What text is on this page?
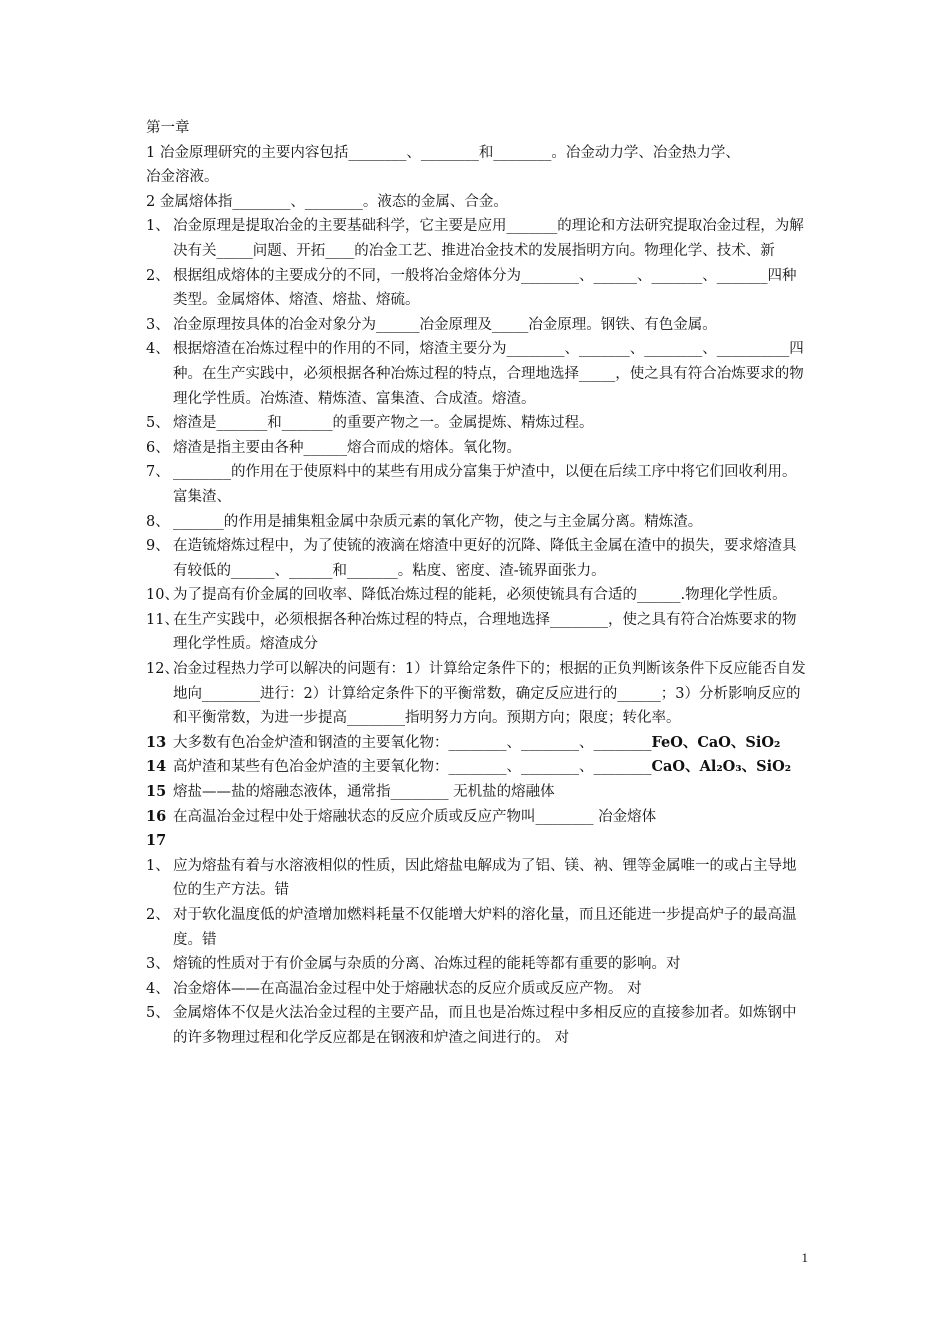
第一章
1 冶金原理研究的主要内容包括________、________和________。冶金动力学、冶金热力学、
冶金溶液。
2 金属熔体指________、________。液态的金属、合金。
1、 冶金原理是提取冶金的主要基础科学，它主要是应用_______的理论和方法研究提取冶金过程，为解决有关_____问题、开拓____的冶金工艺、推进冶金技术的发展指明方向。物理化学、技术、新
2、 根据组成熔体的主要成分的不同，一般将冶金熔体分为________、______、_______、_______四种类型。金属熔体、熔渣、熔盐、熔硫。
3、 冶金原理按具体的冶金对象分为______冶金原理及_____冶金原理。钢铁、有色金属。
4、 根据熔渣在冶炼过程中的作用的不同，熔渣主要分为________、_______、________、__________四种。在生产实践中，必须根据各种冶炼过程的特点，合理地选择_____，使之具有符合冶炼要求的物理化学性质。冶炼渣、精炼渣、富集渣、合成渣。熔渣。
5、 熔渣是_______和_______的重要产物之一。金属提炼、精炼过程。
6、 熔渣是指主要由各种______熔合而成的熔体。氧化物。
7、 ________的作用在于使原料中的某些有用成分富集于炉渣中，以便在后续工序中将它们回收利用。富集渣、
8、 _______的作用是捕集粗金属中杂质元素的氧化产物，使之与主金属分离。精炼渣。
9、 在造锍熔炼过程中，为了使锍的液滴在熔渣中更好的沉降、降低主金属在渣中的损失，要求熔渣具有较低的______、______和_______。粘度、密度、渣-锍界面张力。
10、
为了提高有价金属的回收率、降低冶炼过程的能耗，必须使锍具有合适的______.物理化学性质。
11、
在生产实践中，必须根据各种冶炼过程的特点，合理地选择________，使之具有符合冶炼要求的物理化学性质。熔渣成分
12、
冶金过程热力学可以解决的问题有：1）计算给定条件下的；根据的正负判断该条件下反应能否自发地向________进行：2）计算给定条件下的平衡常数，确定反应进行的______；3）分析影响反应的和平衡常数，为进一步提高________指明努力方向。预期方向；限度；转化率。
13 大多数有色冶金炉渣和钢渣的主要氧化物：________、________、________FeO、CaO、SiO₂
14 高炉渣和某些有色冶金炉渣的主要氧化物：________、________、________CaO、Al₂O₃、SiO₂
15 熔盐——盐的熔融态液体，通常指________ 无机盐的熔融体
16 在高温冶金过程中处于熔融状态的反应介质或反应产物叫________ 冶金熔体
17
1、 应为熔盐有着与水溶液相似的性质，因此熔盐电解成为了铝、镁、衲、锂等金属唯一的或占主导地位的生产方法。错
2、 对于软化温度低的炉渣增加燃料耗量不仅能增大炉料的溶化量，而且还能进一步提高炉子的最高温度。错
3、 熔锍的性质对于有价金属与杂质的分离、冶炼过程的能耗等都有重要的影响。对
4、 冶金熔体——在高温冶金过程中处于熔融状态的反应介质或反应产物。 对
5、 金属熔体不仅是火法冶金过程的主要产品，而且也是冶炼过程中多相反应的直接参加者。如炼钢中的许多物理过程和化学反应都是在钢液和炉渣之间进行的。 对
1
